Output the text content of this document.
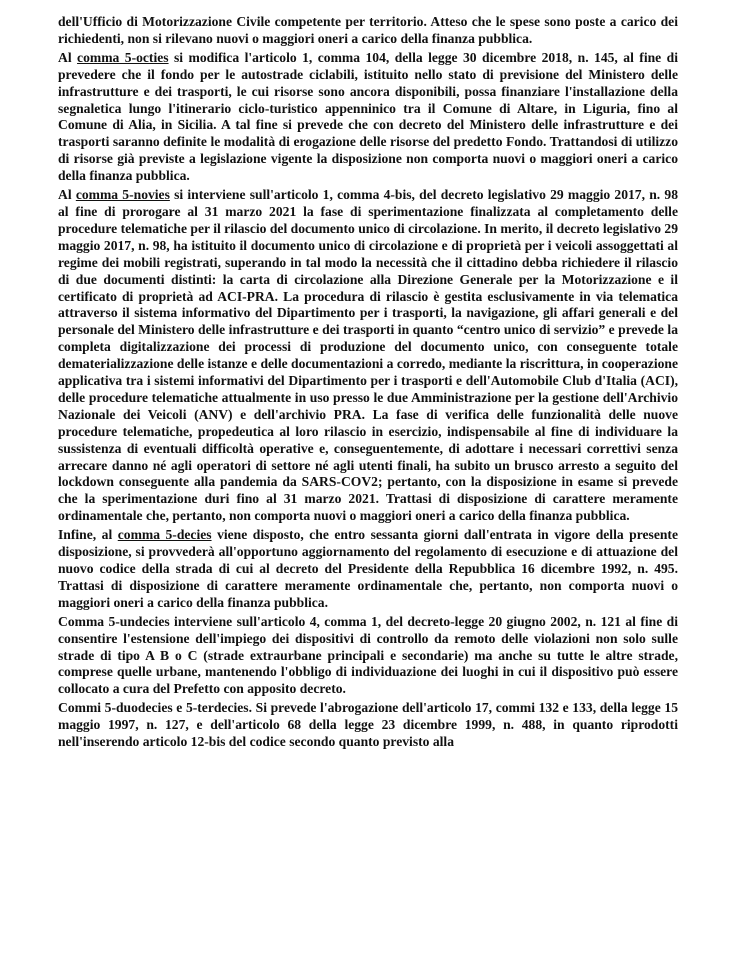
dell'Ufficio di Motorizzazione Civile competente per territorio. Atteso che le spese sono poste a carico dei richiedenti, non si rilevano nuovi o maggiori oneri a carico della finanza pubblica.

Al comma 5-octies si modifica l'articolo 1, comma 104, della legge 30 dicembre 2018, n. 145, al fine di prevedere che il fondo per le autostrade ciclabili, istituito nello stato di previsione del Ministero delle infrastrutture e dei trasporti, le cui risorse sono ancora disponibili, possa finanziare l'installazione della segnaletica lungo l'itinerario ciclo-turistico appenninico tra il Comune di Altare, in Liguria, fino al Comune di Alia, in Sicilia. A tal fine si prevede che con decreto del Ministero delle infrastrutture e dei trasporti saranno definite le modalità di erogazione delle risorse del predetto Fondo. Trattandosi di utilizzo di risorse già previste a legislazione vigente la disposizione non comporta nuovi o maggiori oneri a carico della finanza pubblica.

Al comma 5-novies si interviene sull'articolo 1, comma 4-bis, del decreto legislativo 29 maggio 2017, n. 98 al fine di prorogare al 31 marzo 2021 la fase di sperimentazione finalizzata al completamento delle procedure telematiche per il rilascio del documento unico di circolazione. In merito, il decreto legislativo 29 maggio 2017, n. 98, ha istituito il documento unico di circolazione e di proprietà per i veicoli assoggettati al regime dei mobili registrati, superando in tal modo la necessità che il cittadino debba richiedere il rilascio di due documenti distinti: la carta di circolazione alla Direzione Generale per la Motorizzazione e il certificato di proprietà ad ACI-PRA. La procedura di rilascio è gestita esclusivamente in via telematica attraverso il sistema informativo del Dipartimento per i trasporti, la navigazione, gli affari generali e del personale del Ministero delle infrastrutture e dei trasporti in quanto “centro unico di servizio” e prevede la completa digitalizzazione dei processi di produzione del documento unico, con conseguente totale dematerializzazione delle istanze e delle documentazioni a corredo, mediante la riscrittura, in cooperazione applicativa tra i sistemi informativi del Dipartimento per i trasporti e dell'Automobile Club d'Italia (ACI), delle procedure telematiche attualmente in uso presso le due Amministrazione per la gestione dell'Archivio Nazionale dei Veicoli (ANV) e dell'archivio PRA. La fase di verifica delle funzionalità delle nuove procedure telematiche, propedeutica al loro rilascio in esercizio, indispensabile al fine di individuare la sussistenza di eventuali difficoltà operative e, conseguentemente, di adottare i necessari correttivi senza arrecare danno né agli operatori di settore né agli utenti finali, ha subito un brusco arresto a seguito del lockdown conseguente alla pandemia da SARS-COV2; pertanto, con la disposizione in esame si prevede che la sperimentazione duri fino al 31 marzo 2021. Trattasi di disposizione di carattere meramente ordinamentale che, pertanto, non comporta nuovi o maggiori oneri a carico della finanza pubblica.

Infine, al comma 5-decies viene disposto, che entro sessanta giorni dall'entrata in vigore della presente disposizione, si provvederà all'opportuno aggiornamento del regolamento di esecuzione e di attuazione del nuovo codice della strada di cui al decreto del Presidente della Repubblica 16 dicembre 1992, n. 495. Trattasi di disposizione di carattere meramente ordinamentale che, pertanto, non comporta nuovi o maggiori oneri a carico della finanza pubblica.

Comma 5-undecies interviene sull'articolo 4, comma 1, del decreto-legge 20 giugno 2002, n. 121 al fine di consentire l'estensione dell'impiego dei dispositivi di controllo da remoto delle violazioni non solo sulle strade di tipo A B o C (strade extraurbane principali e secondarie) ma anche su tutte le altre strade, comprese quelle urbane, mantenendo l'obbligo di individuazione dei luoghi in cui il dispositivo può essere collocato a cura del Prefetto con apposito decreto.

Commi 5-duodecies e 5-terdecies. Si prevede l'abrogazione dell'articolo 17, commi 132 e 133, della legge 15 maggio 1997, n. 127, e dell'articolo 68 della legge 23 dicembre 1999, n. 488, in quanto riprodotti nell'inserendo articolo 12-bis del codice secondo quanto previsto alla
